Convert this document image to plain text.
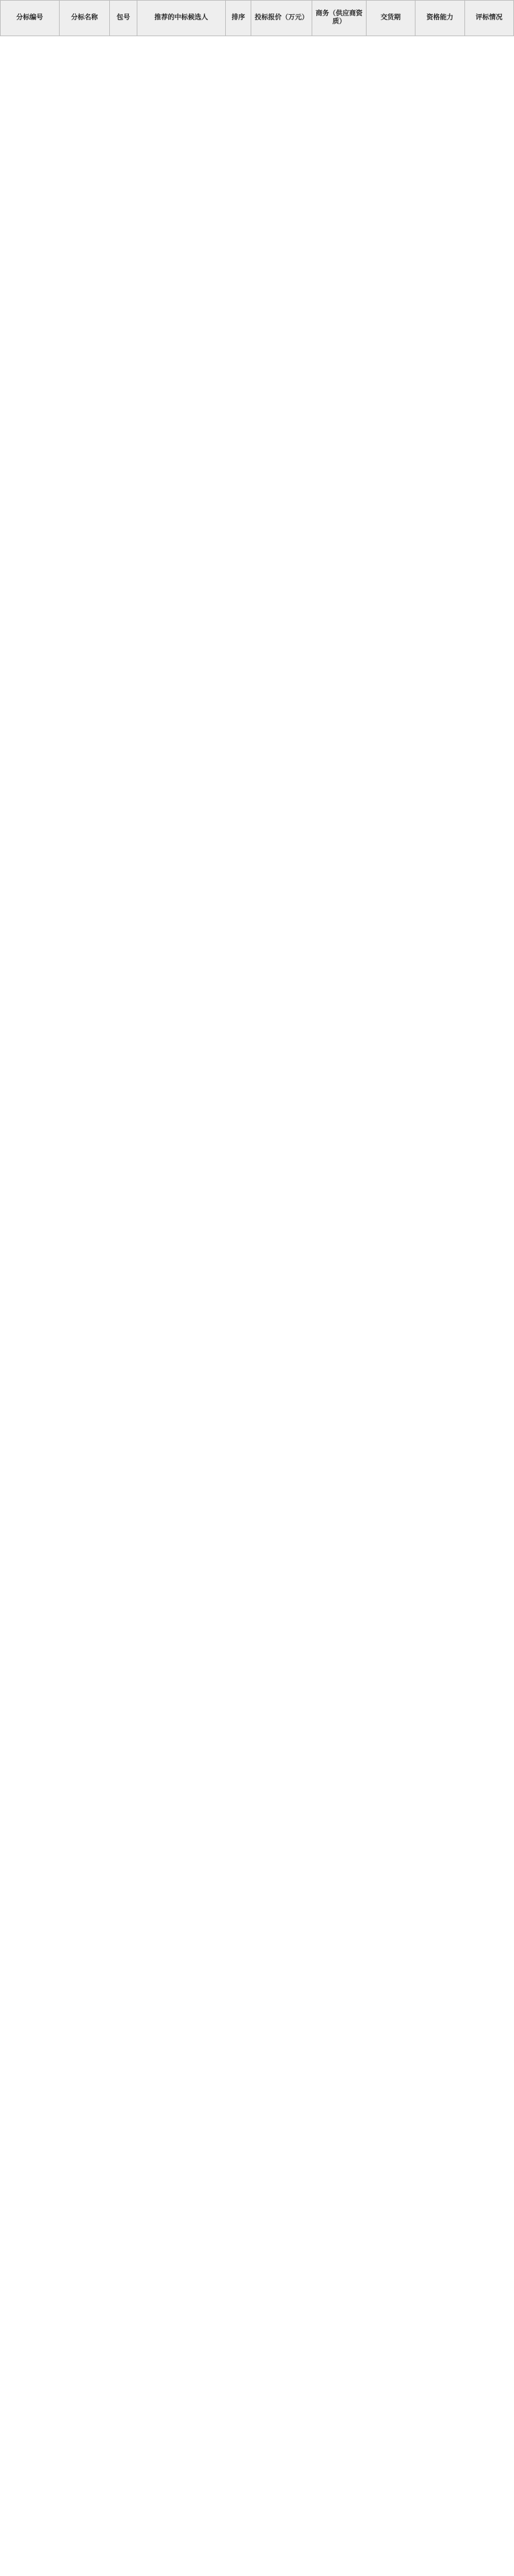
分标编号	分标名称	包号	推荐的中标候选人	排序	投标报价（万元）	商务（供应商资质）	交货期	资格能力	评标情况
